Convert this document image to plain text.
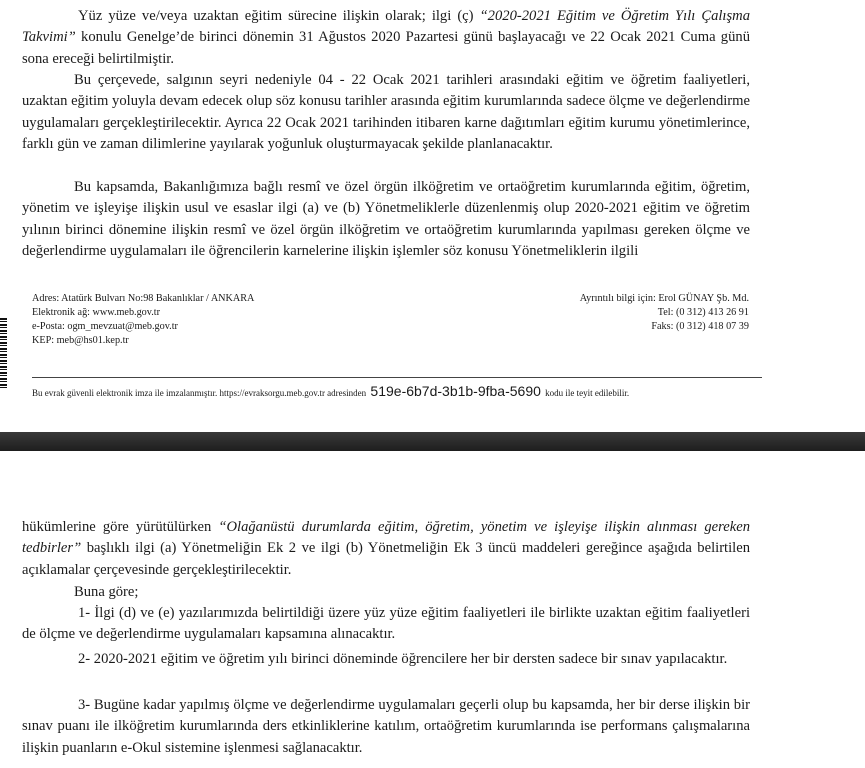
Yüz yüze ve/veya uzaktan eğitim sürecine ilişkin olarak; ilgi (ç) “2020-2021 Eğitim ve Öğretim Yılı Çalışma Takvimi” konulu Genelge’de birinci dönemin 31 Ağustos 2020 Pazartesi günü başlayacağı ve 22 Ocak 2021 Cuma günü sona ereceği belirtilmiştir.

Bu çerçevede, salgının seyri nedeniyle 04 - 22 Ocak 2021 tarihleri arasındaki eğitim ve öğretim faaliyetleri, uzaktan eğitim yoluyla devam edecek olup söz konusu tarihler arasında eğitim kurumlarında sadece ölçme ve değerlendirme uygulamaları gerçekleştirilecektir. Ayrıca 22 Ocak 2021 tarihinden itibaren karne dağıtımları eğitim kurumu yönetimlerince, farklı gün ve zaman dilimlerine yayılarak yoğunluk oluşturmayacak şekilde planlanacaktır.

Bu kapsamda, Bakanlığımıza bağlı resmî ve özel örgün ilköğretim ve ortaöğretim kurumlarında eğitim, öğretim, yönetim ve işleyişe ilişkin usul ve esaslar ilgi (a) ve (b) Yönetmeliklerle düzenlenmiş olup 2020-2021 eğitim ve öğretim yılının birinci dönemine ilişkin resmî ve özel örgün ilköğretim ve ortaöğretim kurumlarında yapılması gereken ölçme ve değerlendirme uygulamaları ile öğrencilerin karnelerine ilişkin işlemler söz konusu Yönetmeliklerin ilgili

Adres: Atatürk Bulvarı No:98 Bakanlıklar / ANKARA
Elektronik ağ: www.meb.gov.tr
e-Posta: ogm_mevzuat@meb.gov.tr
KEP: meb@hs01.kep.tr
Ayrıntılı bilgi için: Erol GÜNAY Şb. Md.
Tel: (0 312) 413 26 91
Faks: (0 312) 418 07 39
Bu evrak güvenli elektronik imza ile imzalanmıştır. https://evraksorgu.meb.gov.tr adresinden 519e-6b7d-3b1b-9fba-5690 kodu ile teyit edilebilir.

hükümlerine göre yürütülürken “Olağanüstü durumlarda eğitim, öğretim, yönetim ve işleyişe ilişkin alınması gereken tedbirler” başlıklı ilgi (a) Yönetmeliğin Ek 2 ve ilgi (b) Yönetmeliğin Ek 3 üncü maddeleri gereğince aşağıda belirtilen açıklamalar çerçevesinde gerçekleştirilecektir.

Buna göre;

1- İlgi (d) ve (e) yazılarımızda belirtildiği üzere yüz yüze eğitim faaliyetleri ile birlikte uzaktan eğitim faaliyetleri de ölçme ve değerlendirme uygulamaları kapsamına alınacaktır.

2- 2020-2021 eğitim ve öğretim yılı birinci döneminde öğrencilere her bir dersten sadece bir sınav yapılacaktır.

3- Bugüne kadar yapılmış ölçme ve değerlendirme uygulamaları geçerli olup bu kapsamda, her bir derse ilişkin bir sınav puanı ile ilköğretim kurumlarında ders etkinliklerine katılım, ortaöğretim kurumlarında ise performans çalışmalarına ilişkin puanların e-Okul sistemine işlenmesi sağlanacaktır.
